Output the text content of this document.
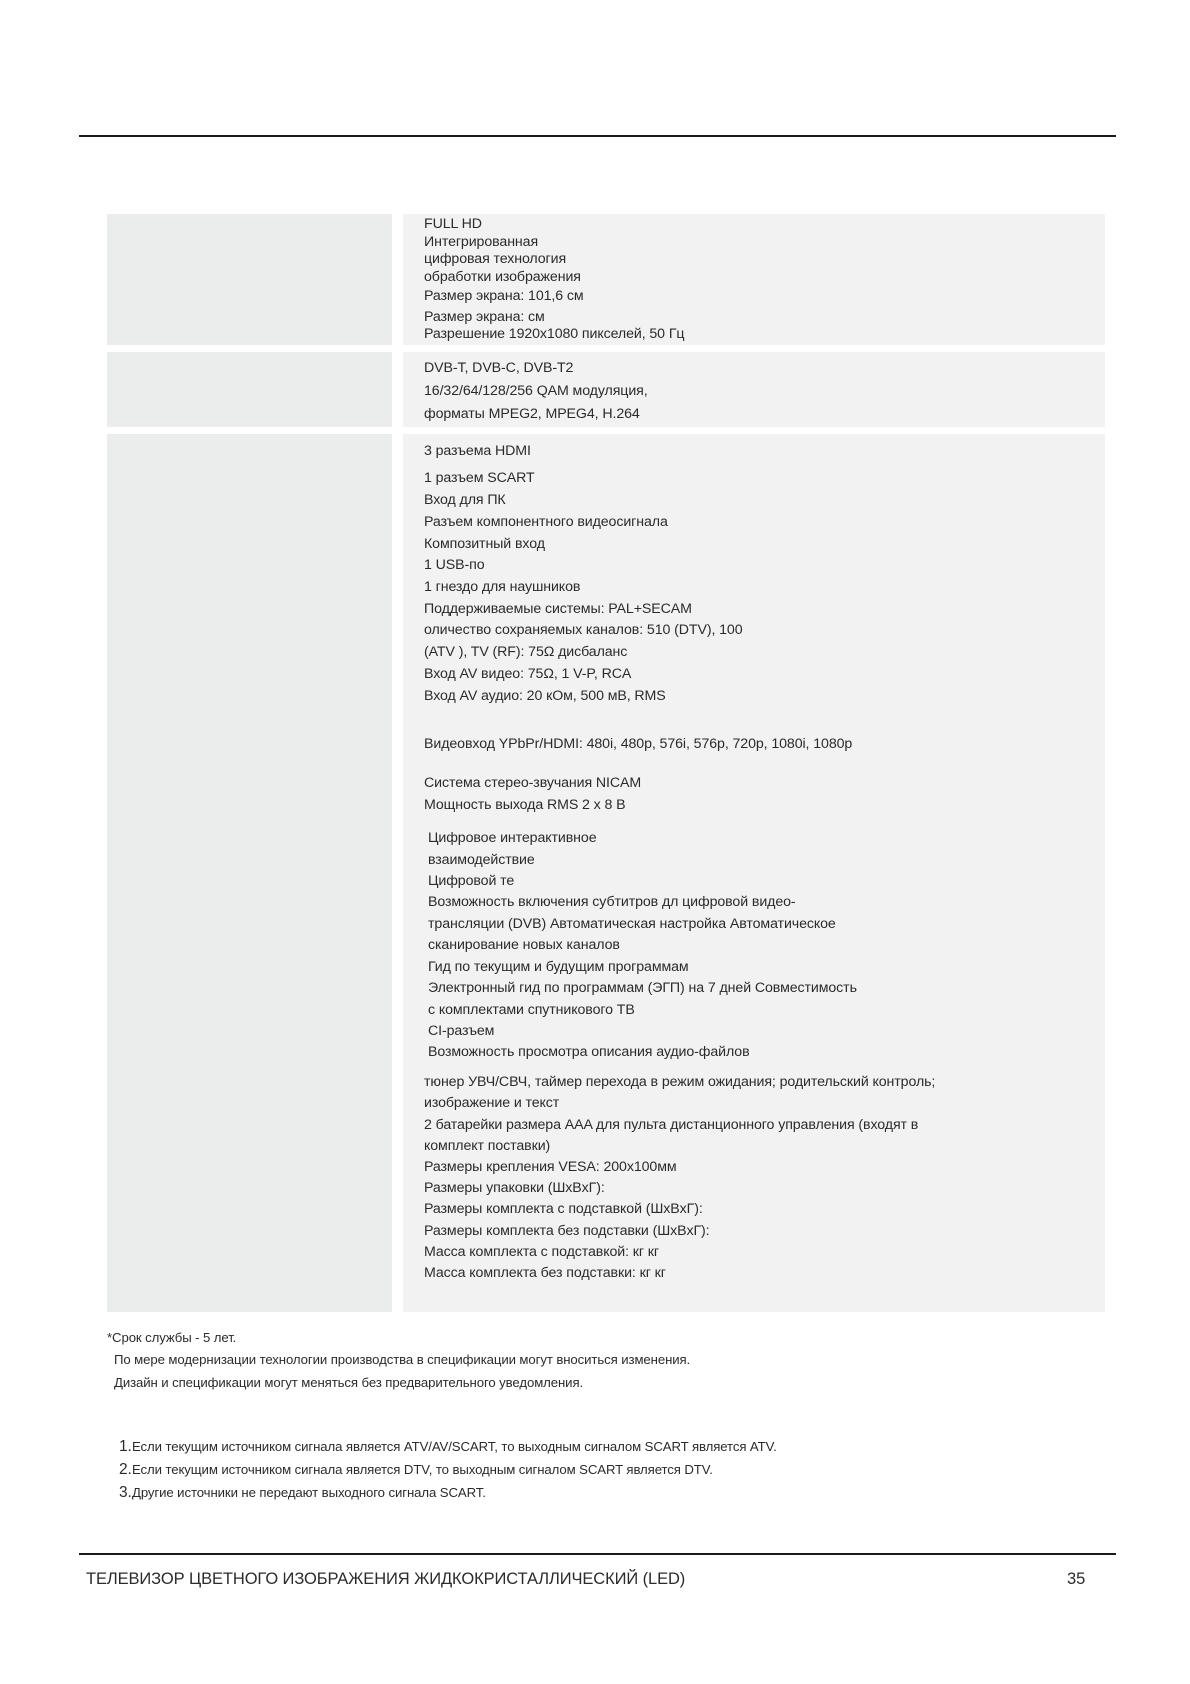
FULL HD

Интегрированная

цифровая технология

обработки изображения

Размер экрана: 101,6 см

Размер экрана: см

Разрешение 1920x1080 пикселей, 50 Гц

DVB-T, DVB-C, DVB-T2

16/32/64/128/256 QAM модуляция,

форматы MPEG2, MPEG4, H.264

3 разъема HDMI

1 разъем SCART

Вход для ПК

Разъем компонентного видеосигнала

Композитный вход

1 USB-по

1 гнездо для наушников

Поддерживаемые системы: PAL+SECAM

оличество сохраняемых каналов: 510 (DTV), 100

(ATV ), TV (RF): 75Ω дисбаланс

Вход AV видео: 75Ω, 1 V-P, RCA

Вход AV аудио: 20 кОм, 500 мВ, RMS

Видеовход YPbPr/HDMI: 480i, 480p, 576i, 576p, 720p, 1080i, 1080p

Система стерео-звучания NICAM

Мощность выхода RMS 2 x 8 В

Цифровое интерактивное

взаимодействие

Цифровой те

Возможность включения субтитров дл цифровой видео-

трансляции (DVB) Автоматическая настройка Автоматическое

сканирование новых каналов

Гид по текущим и будущим программам

Электронный гид по программам (ЭГП) на 7 дней Совместимость

с комплектами спутникового ТВ

CI-разъем

Возможность просмотра описания аудио-файлов

тюнер УВЧ/СВЧ, таймер перехода в режим ожидания; родительский контроль;

изображение и текст

2 батарейки размера AAA для пульта дистанционного управления (входят в

комплект поставки)

Размеры крепления VESA: 200x100мм

Размеры упаковки (ШxВxГ):

Размеры комплекта с подставкой (ШxВxГ):

Размеры комплекта без подставки (ШxВxГ):

Масса комплекта с подставкой: кг кг

Масса комплекта без подставки: кг кг

*Срок службы - 5 лет.

По мере модернизации технологии производства в спецификации могут вноситься изменения.

Дизайн и спецификации могут меняться без предварительного уведомления.

1.Если текущим источником сигнала является ATV/AV/SCART, то выходным сигналом SCART является ATV.

2.Если текущим источником сигнала является DTV, то выходным сигналом SCART является DTV.

3.Другие источники не передают выходного сигнала SCART.

ТЕЛЕВИЗОР ЦВЕТНОГО ИЗОБРАЖЕНИЯ ЖИДКОКРИСТАЛЛИЧЕСКИЙ (LED)	35
